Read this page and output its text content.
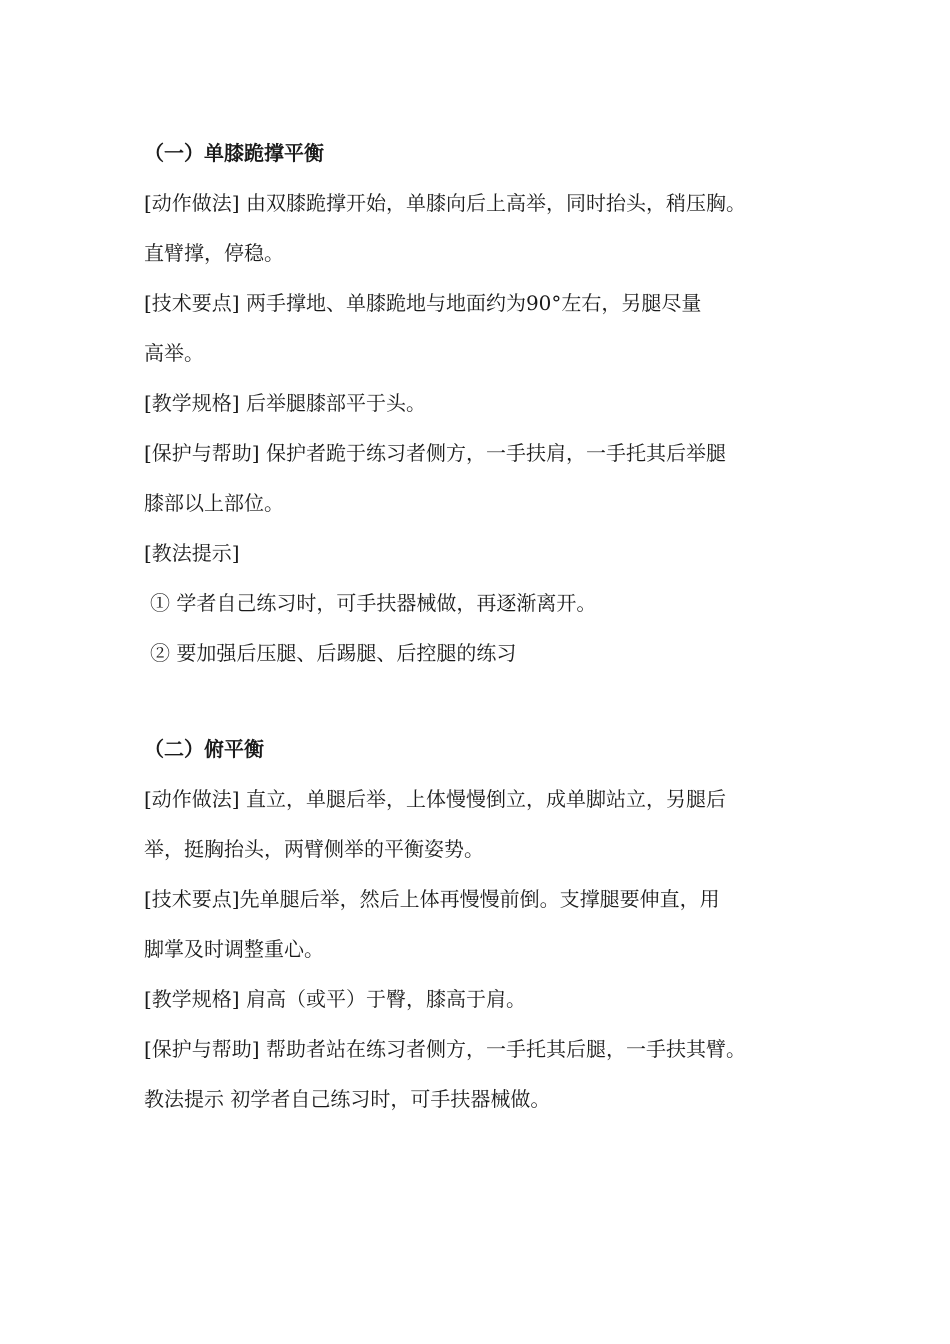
（一）单膝跪撑平衡
[动作做法] 由双膝跪撑开始，单膝向后上高举，同时抬头，稍压胸。
直臂撑，停稳。
[技术要点] 两手撑地、单膝跪地与地面约为90°左右，另腿尽量
高举。
[教学规格] 后举腿膝部平于头。
[保护与帮助] 保护者跪于练习者侧方，一手扶肩，一手托其后举腿
膝部以上部位。
[教法提示]
① 学者自己练习时，可手扶器械做，再逐渐离开。
② 要加强后压腿、后踢腿、后控腿的练习
（二）俯平衡
[动作做法] 直立，单腿后举，上体慢慢倒立，成单脚站立，另腿后
举，挺胸抬头，两臂侧举的平衡姿势。
[技术要点]先单腿后举，然后上体再慢慢前倒。支撑腿要伸直，用
脚掌及时调整重心。
[教学规格] 肩高（或平）于臀，膝高于肩。
[保护与帮助] 帮助者站在练习者侧方，一手托其后腿，一手扶其臂。
教法提示 初学者自己练习时，可手扶器械做。
